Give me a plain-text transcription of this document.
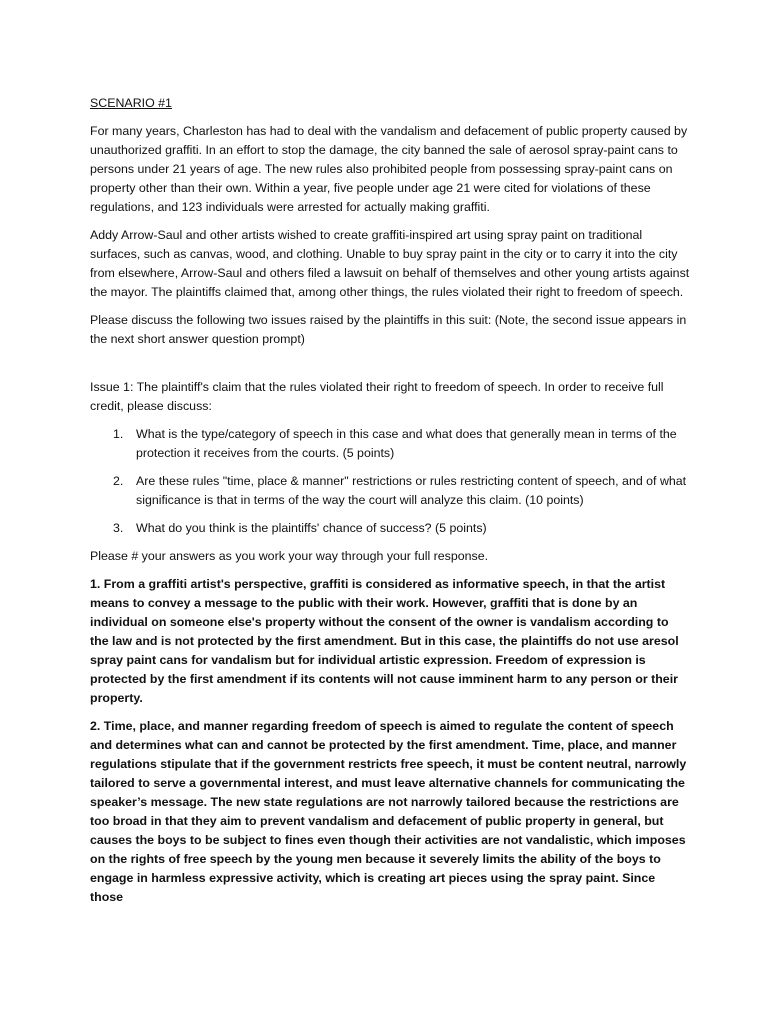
SCENARIO #1

For many years, Charleston has had to deal with the vandalism and defacement of public property caused by unauthorized graffiti. In an effort to stop the damage, the city banned the sale of aerosol spray-paint cans to persons under 21 years of age. The new rules also prohibited people from possessing spray-paint cans on property other than their own. Within a year, five people under age 21 were cited for violations of these regulations, and 123 individuals were arrested for actually making graffiti.

Addy Arrow-Saul and other artists wished to create graffiti-inspired art using spray paint on traditional surfaces, such as canvas, wood, and clothing. Unable to buy spray paint in the city or to carry it into the city from elsewhere, Arrow-Saul and others filed a lawsuit on behalf of themselves and other young artists against the mayor. The plaintiffs claimed that, among other things, the rules violated their right to freedom of speech.

Please discuss the following two issues raised by the plaintiffs in this suit: (Note, the second issue appears in the next short answer question prompt)

Issue 1: The plaintiff's claim that the rules violated their right to freedom of speech. In order to receive full credit, please discuss:

1. What is the type/category of speech in this case and what does that generally mean in terms of the protection it receives from the courts. (5 points)
2. Are these rules "time, place & manner" restrictions or rules restricting content of speech, and of what significance is that in terms of the way the court will analyze this claim. (10 points)
3. What do you think is the plaintiffs' chance of success? (5 points)

Please # your answers as you work your way through your full response.

1. From a graffiti artist's perspective, graffiti is considered as informative speech, in that the artist means to convey a message to the public with their work. However, graffiti that is done by an individual on someone else's property without the consent of the owner is vandalism according to the law and is not protected by the first amendment. But in this case, the plaintiffs do not use aresol spray paint cans for vandalism but for individual artistic expression. Freedom of expression is protected by the first amendment if its contents will not cause imminent harm to any person or their property.

2. Time, place, and manner regarding freedom of speech is aimed to regulate the content of speech and determines what can and cannot be protected by the first amendment. Time, place, and manner regulations stipulate that if the government restricts free speech, it must be content neutral, narrowly tailored to serve a governmental interest, and must leave alternative channels for communicating the speaker’s message. The new state regulations are not narrowly tailored because the restrictions are too broad in that they aim to prevent vandalism and defacement of public property in general, but causes the boys to be subject to fines even though their activities are not vandalistic, which imposes on the rights of free speech by the young men because it severely limits the ability of the boys to engage in harmless expressive activity, which is creating art pieces using the spray paint. Since those
